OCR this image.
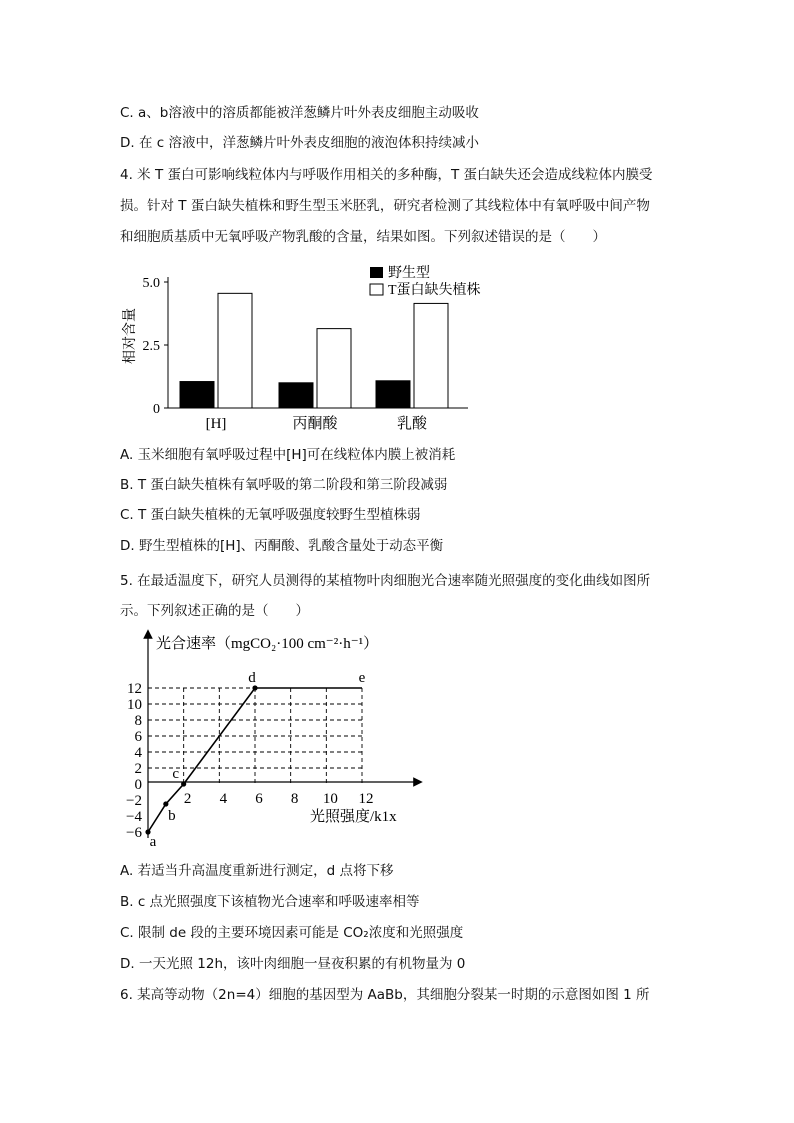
C. a、b溶液中的溶质都能被洋葱鳞片叶外表皮细胞主动吸收
D. 在 c 溶液中，洋葱鳞片叶外表皮细胞的液泡体积持续减小
4. 米 T 蛋白可影响线粒体内与呼吸作用相关的多种酶，T 蛋白缺失还会造成线粒体内膜受
损。针对 T 蛋白缺失植株和野生型玉米胚乳，研究者检测了其线粒体中有氧呼吸中间产物
和细胞质基质中无氧呼吸产物乳酸的含量，结果如图。下列叙述错误的是（　　）
相对含量
0
2.5
5.0
[H]	丙酮酸	乳酸
野生型
T蛋白缺失植株
A. 玉米细胞有氧呼吸过程中[H]可在线粒体内膜上被消耗
B. T 蛋白缺失植株有氧呼吸的第二阶段和第三阶段减弱
C. T 蛋白缺失植株的无氧呼吸强度较野生型植株弱
D. 野生型植株的[H]、丙酮酸、乳酸含量处于动态平衡
5. 在最适温度下，研究人员测得的某植物叶肉细胞光合速率随光照强度的变化曲线如图所
示。下列叙述正确的是（　　）
光合速率（mgCO₂·100 cm⁻²·h⁻¹）
光照强度/k1x
12
10
8
6
4
2
0
−2
−4
−6
2 4 6 8 10 12
a
b
c
d	e
A. 若适当升高温度重新进行测定，d 点将下移
B. c 点光照强度下该植物光合速率和呼吸速率相等
C. 限制 de 段的主要环境因素可能是 CO₂浓度和光照强度
D. 一天光照 12h，该叶肉细胞一昼夜积累的有机物量为 0
6. 某高等动物（2n=4）细胞的基因型为 AaBb，其细胞分裂某一时期的示意图如图 1 所
